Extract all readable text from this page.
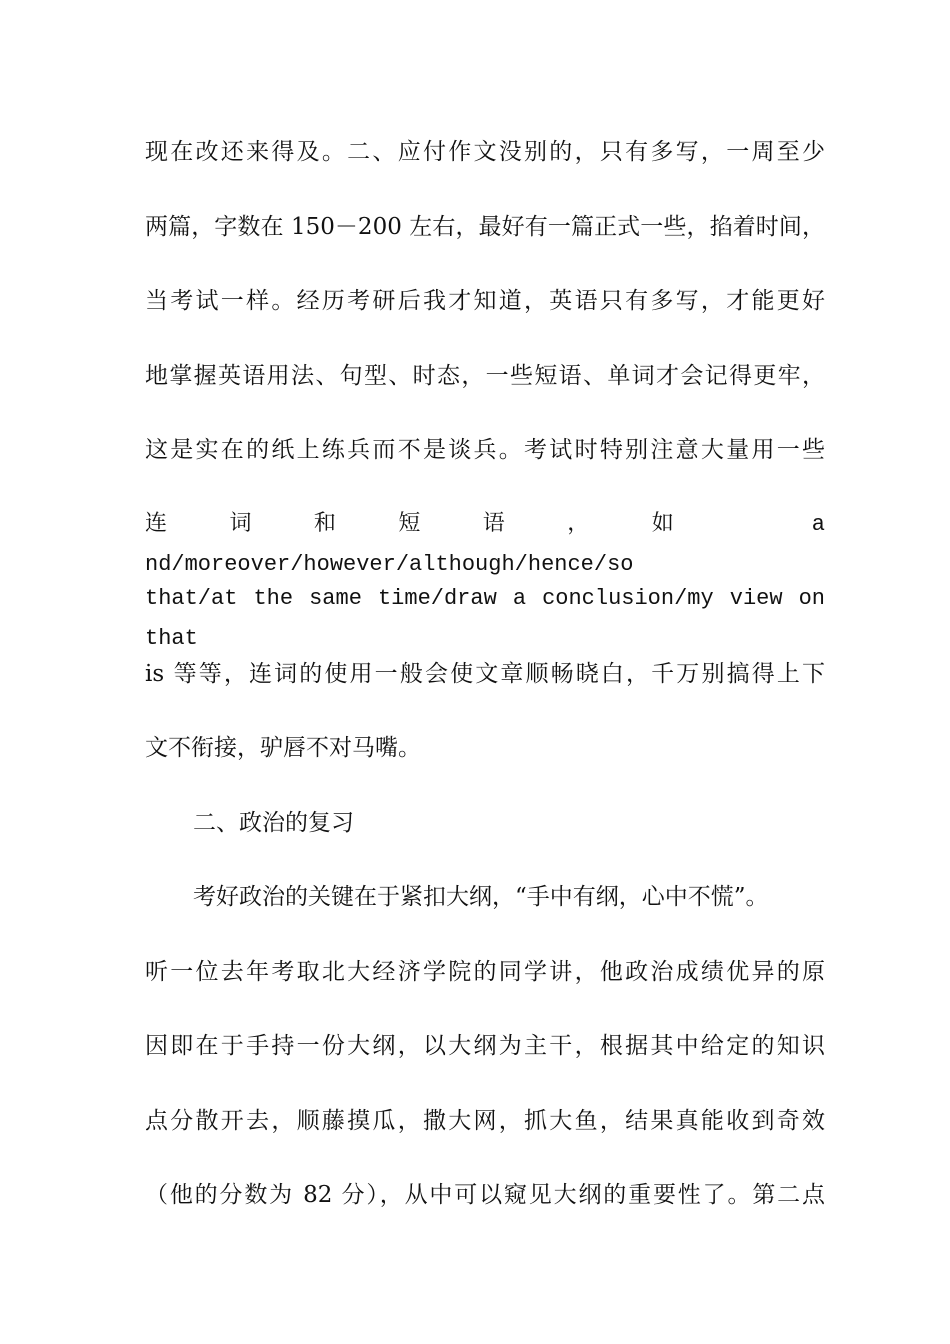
现在改还来得及。二、应付作文没别的，只有多写，一周至少
两篇，字数在 150－200 左右，最好有一篇正式一些，掐着时间，
当考试一样。经历考研后我才知道，英语只有多写，才能更好
地掌握英语用法、句型、时态，一些短语、单词才会记得更牢，
这是实在的纸上练兵而不是谈兵。考试时特别注意大量用一些
连词和短语，如 a nd/moreover/however/although/hence/so
that/at the same time/draw a conclusion/my view on that
is 等等，连词的使用一般会使文章顺畅晓白，千万别搞得上下
文不衔接，驴唇不对马嘴。
二、政治的复习
考好政治的关键在于紧扣大纲，“手中有纲，心中不慌”。
听一位去年考取北大经济学院的同学讲，他政治成绩优异的原
因即在于手持一份大纲，以大纲为主干，根据其中给定的知识
点分散开去，顺藤摸瓜，撒大网，抓大鱼，结果真能收到奇效
（他的分数为 82 分），从中可以窥见大纲的重要性了。第二点
